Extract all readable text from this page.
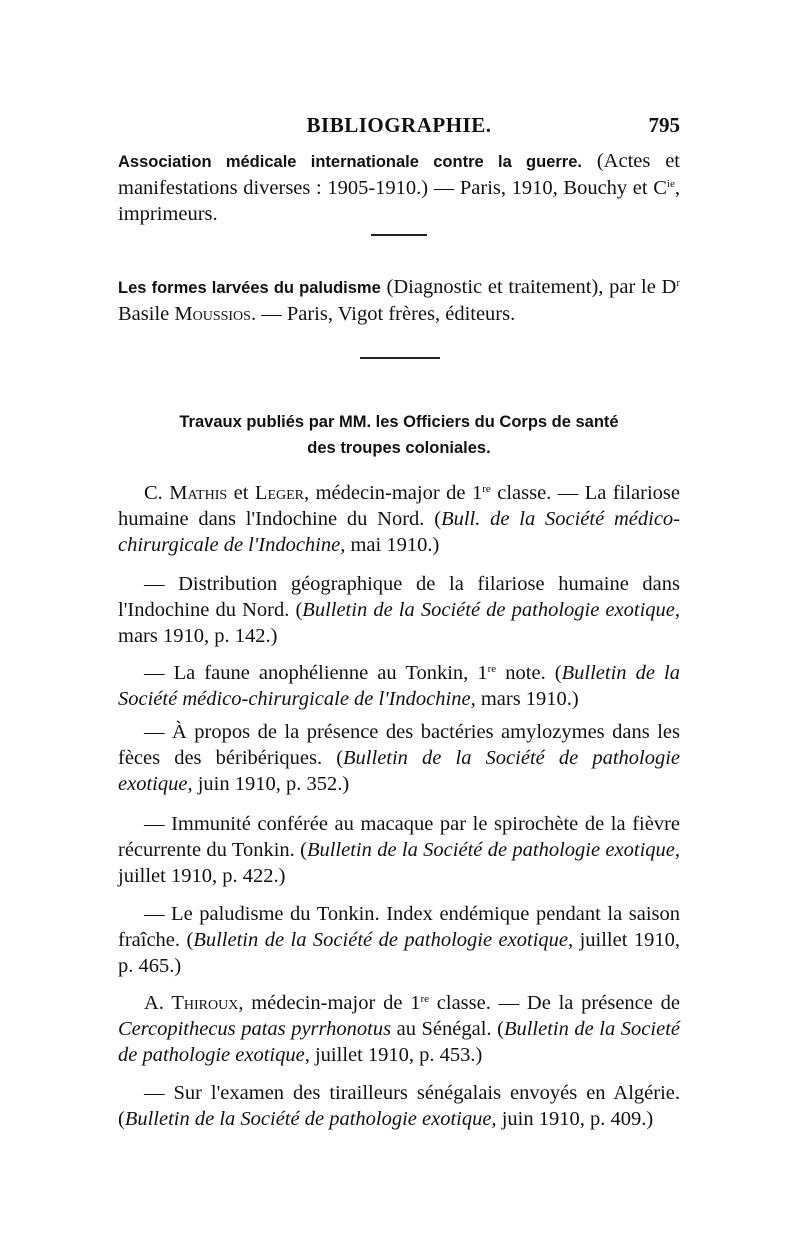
BIBLIOGRAPHIE.	795
Association médicale internationale contre la guerre. (Actes et manifestations diverses : 1905-1910.) — Paris, 1910, Bouchy et $C^{ie}$, imprimeurs.
Les formes larvées du paludisme (Diagnostic et traitement), par le $D^r$ Basile Moussios. — Paris, Vigot frères, éditeurs.
Travaux publiés par MM. les Officiers du Corps de santé
des troupes coloniales.
C. Mathis et Leger, médecin-major de 1re classe. — La filariose humaine dans l'Indochine du Nord. (Bull. de la Société médico-chirurgicale de l'Indochine, mai 1910.)
— Distribution géographique de la filariose humaine dans l'Indochine du Nord. (Bulletin de la Société de pathologie exotique, mars 1910, p. 142.)
— La faune anophélienne au Tonkin, 1re note. (Bulletin de la Société médico-chirurgicale de l'Indochine, mars 1910.)
— À propos de la présence des bactéries amylozymes dans les fèces des béribériques. (Bulletin de la Société de pathologie exotique, juin 1910, p. 352.)
— Immunité conférée au macaque par le spirochète de la fièvre récurrente du Tonkin. (Bulletin de la Société de pathologie exotique, juillet 1910, p. 422.)
— Le paludisme du Tonkin. Index endémique pendant la saison fraîche. (Bulletin de la Société de pathologie exotique, juillet 1910, p. 465.)
A. Thiroux, médecin-major de 1re classe. — De la présence de Cercopithecus patas pyrrhonotus au Sénégal. (Bulletin de la Societé de pathologie exotique, juillet 1910, p. 453.)
— Sur l'examen des tirailleurs sénégalais envoyés en Algérie. (Bulletin de la Société de pathologie exotique, juin 1910, p. 409.)
